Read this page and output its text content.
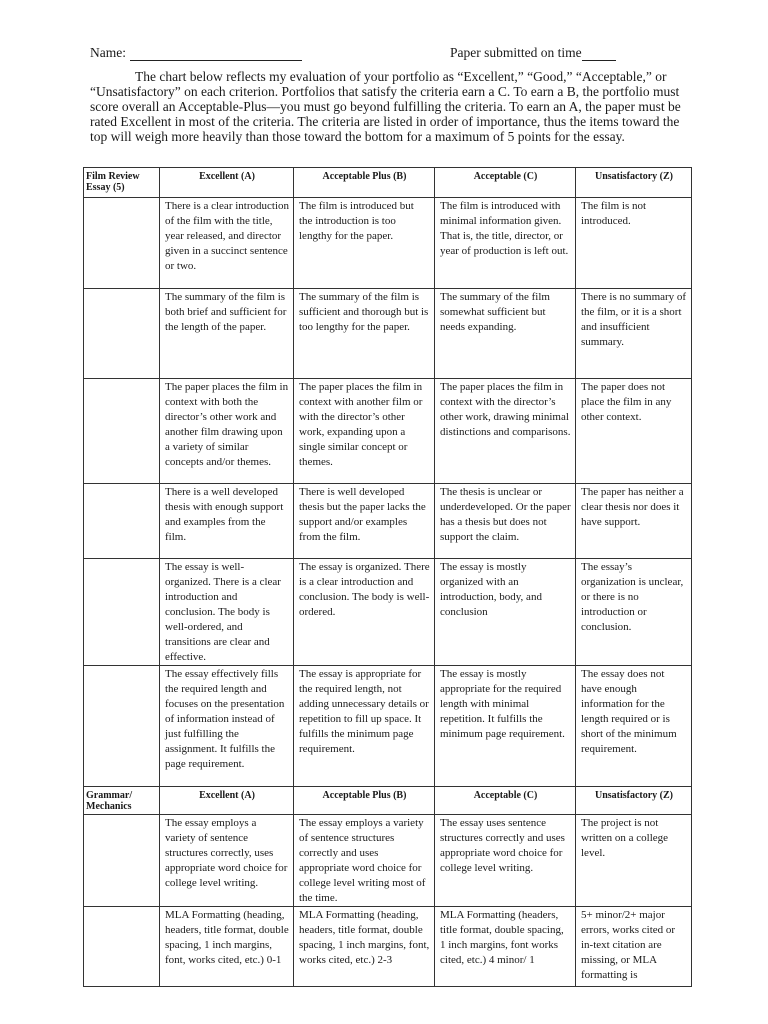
Name:	Paper submitted on time

The chart below reflects my evaluation of your portfolio as “Excellent,” “Good,” “Acceptable,” or “Unsatisfactory” on each criterion. Portfolios that satisfy the criteria earn a C. To earn a B, the portfolio must score overall an Acceptable-Plus—you must go beyond fulfilling the criteria. To earn an A, the paper must be rated Excellent in most of the criteria. The criteria are listed in order of importance, thus the items toward the top will weigh more heavily than those toward the bottom for a maximum of 5 points for the essay.

Film Review Essay (5)	Excellent (A)	Acceptable Plus (B)	Acceptable (C)	Unsatisfactory (Z)
	There is a clear introduction of the film with the title, year released, and director given in a succinct sentence or two.	The film is introduced but the introduction is too lengthy for the paper.	The film is introduced with minimal information given. That is, the title, director, or year of production is left out.	The film is not introduced.
	The summary of the film is both brief and sufficient for the length of the paper.	The summary of the film is sufficient and thorough but is too lengthy for the paper.	The summary of the film somewhat sufficient but needs expanding.	There is no summary of the film, or it is a short and insufficient summary.
	The paper places the film in context with both the director’s other work and another film drawing upon a variety of similar concepts and/or themes.	The paper places the film in context with another film or with the director’s other work, expanding upon a single similar concept or themes.	The paper places the film in context with the director’s other work, drawing minimal distinctions and comparisons.	The paper does not place the film in any other context.
	There is a well developed thesis with enough support and examples from the film.	There is well developed thesis but the paper lacks the support and/or examples from the film.	The thesis is unclear or underdeveloped. Or the paper has a thesis but does not support the claim.	The paper has neither a clear thesis nor does it have support.
	The essay is well-organized. There is a clear introduction and conclusion. The body is well-ordered, and transitions are clear and effective.	The essay is organized. There is a clear introduction and conclusion. The body is well-ordered.	The essay is mostly organized with an introduction, body, and conclusion	The essay’s organization is unclear, or there is no introduction or conclusion.
	The essay effectively fills the required length and focuses on the presentation of information instead of just fulfilling the assignment. It fulfills the page requirement.	The essay is appropriate for the required length, not adding unnecessary details or repetition to fill up space. It fulfills the minimum page requirement.	The essay is mostly appropriate for the required length with minimal repetition. It fulfills the minimum page requirement.	The essay does not have enough information for the length required or is short of the minimum requirement.
Grammar/ Mechanics	Excellent (A)	Acceptable Plus (B)	Acceptable (C)	Unsatisfactory (Z)
	The essay employs a variety of sentence structures correctly, uses appropriate word choice for college level writing.	The essay employs a variety of sentence structures correctly and uses appropriate word choice for college level writing most of the time.	The essay uses sentence structures correctly and uses appropriate word choice for college level writing.	The project is not written on a college level.
	MLA Formatting (heading, headers, title format, double spacing, 1 inch margins, font, works cited, etc.) 0-1	MLA Formatting (heading, headers, title format, double spacing, 1 inch margins, font, works cited, etc.) 2-3	MLA Formatting (headers, title format, double spacing, 1 inch margins, font works cited, etc.) 4 minor/ 1	5+ minor/2+ major errors, works cited or in-text citation are missing, or MLA formatting is
